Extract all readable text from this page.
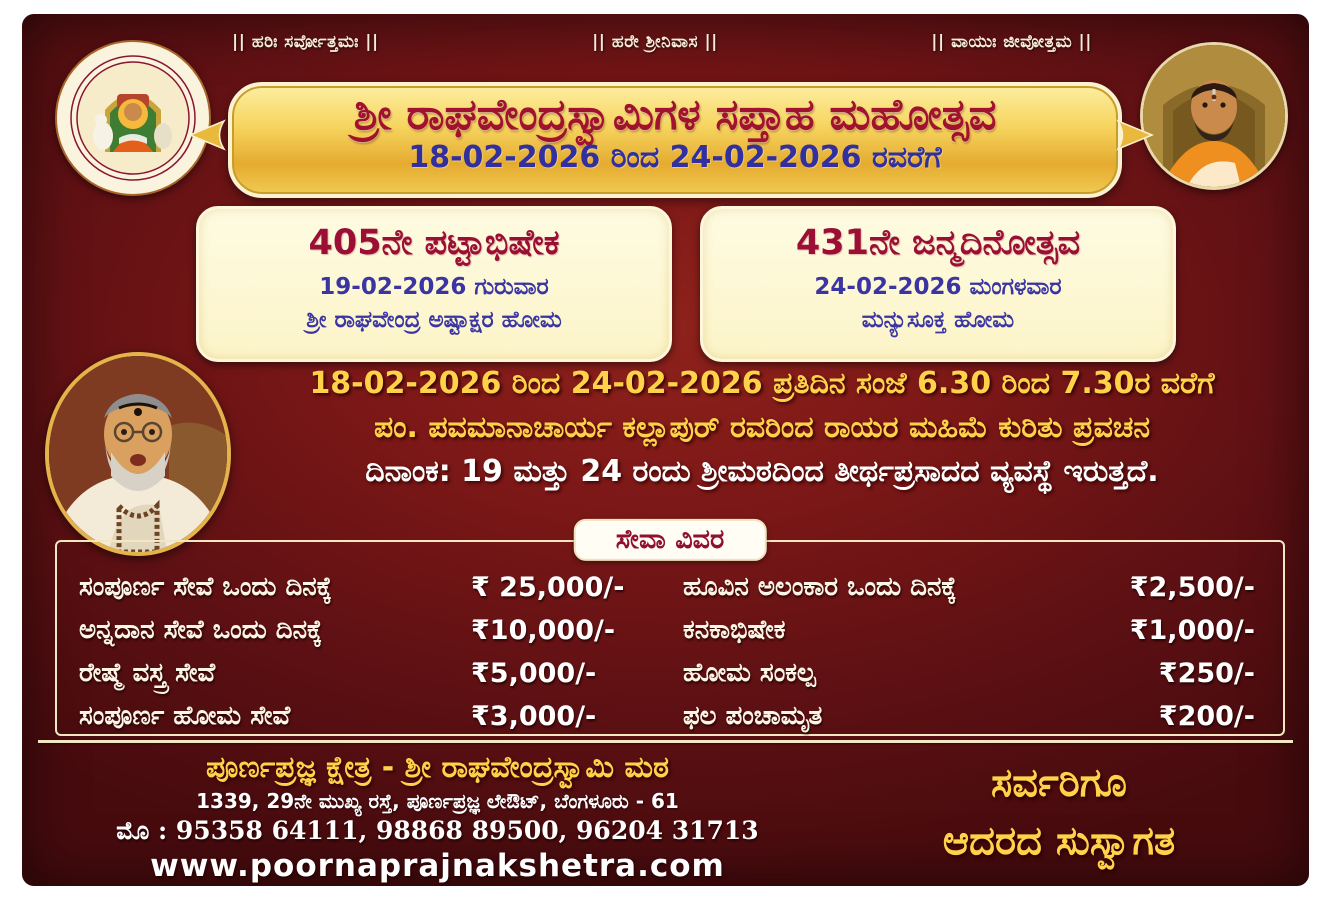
|| ಹರಿಃ ಸರ್ವೋತ್ತಮಃ ||	|| ಹರೇ ಶ್ರೀನಿವಾಸ ||	|| ವಾಯುಃ ಜೀವೋತ್ತಮ ||
ಶ್ರೀ ರಾಘವೇಂದ್ರಸ್ವಾಮಿಗಳ ಸಪ್ತಾಹ ಮಹೋತ್ಸವ
18-02-2026 ರಿಂದ 24-02-2026 ರವರೆಗೆ
405ನೇ ಪಟ್ಟಾಭಿಷೇಕ
19-02-2026 ಗುರುವಾರ
ಶ್ರೀ ರಾಘವೇಂದ್ರ ಅಷ್ಟಾಕ್ಷರ ಹೋಮ
431ನೇ ಜನ್ಮದಿನೋತ್ಸವ
24-02-2026 ಮಂಗಳವಾರ
ಮನ್ಯುಸೂಕ್ತ ಹೋಮ
18-02-2026 ರಿಂದ 24-02-2026 ಪ್ರತಿದಿನ ಸಂಜೆ 6.30 ರಿಂದ 7.30ರ ವರೆಗೆ
ಪಂ. ಪವಮಾನಾಚಾರ್ಯ ಕಲ್ಲಾಪುರ್ ರವರಿಂದ ರಾಯರ ಮಹಿಮೆ ಕುರಿತು ಪ್ರವಚನ
ದಿನಾಂಕ: 19 ಮತ್ತು 24 ರಂದು ಶ್ರೀಮಠದಿಂದ ತೀರ್ಥಪ್ರಸಾದದ ವ್ಯವಸ್ಥೆ ಇರುತ್ತದೆ.
ಸೇವಾ ವಿವರ
ಸಂಪೂರ್ಣ ಸೇವೆ ಒಂದು ದಿನಕ್ಕೆ	₹ 25,000/-
ಅನ್ನದಾನ ಸೇವೆ ಒಂದು ದಿನಕ್ಕೆ	₹10,000/-
ರೇಷ್ಮೆ ವಸ್ತ್ರ ಸೇವೆ	₹5,000/-
ಸಂಪೂರ್ಣ ಹೋಮ ಸೇವೆ	₹3,000/-
ಹೂವಿನ ಅಲಂಕಾರ ಒಂದು ದಿನಕ್ಕೆ	₹2,500/-
ಕನಕಾಭಿಷೇಕ	₹1,000/-
ಹೋಮ ಸಂಕಲ್ಪ	₹250/-
ಫಲ ಪಂಚಾಮೃತ	₹200/-
ಪೂರ್ಣಪ್ರಜ್ಞ ಕ್ಷೇತ್ರ - ಶ್ರೀ ರಾಘವೇಂದ್ರಸ್ವಾಮಿ ಮಠ
1339, 29ನೇ ಮುಖ್ಯ ರಸ್ತೆ, ಪೂರ್ಣಪ್ರಜ್ಞ ಲೇಔಟ್, ಬೆಂಗಳೂರು - 61
ಮೊ : 95358 64111, 98868 89500, 96204 31713
www.poornaprajnakshetra.com
ಸರ್ವರಿಗೂ
ಆದರದ ಸುಸ್ವಾಗತ
